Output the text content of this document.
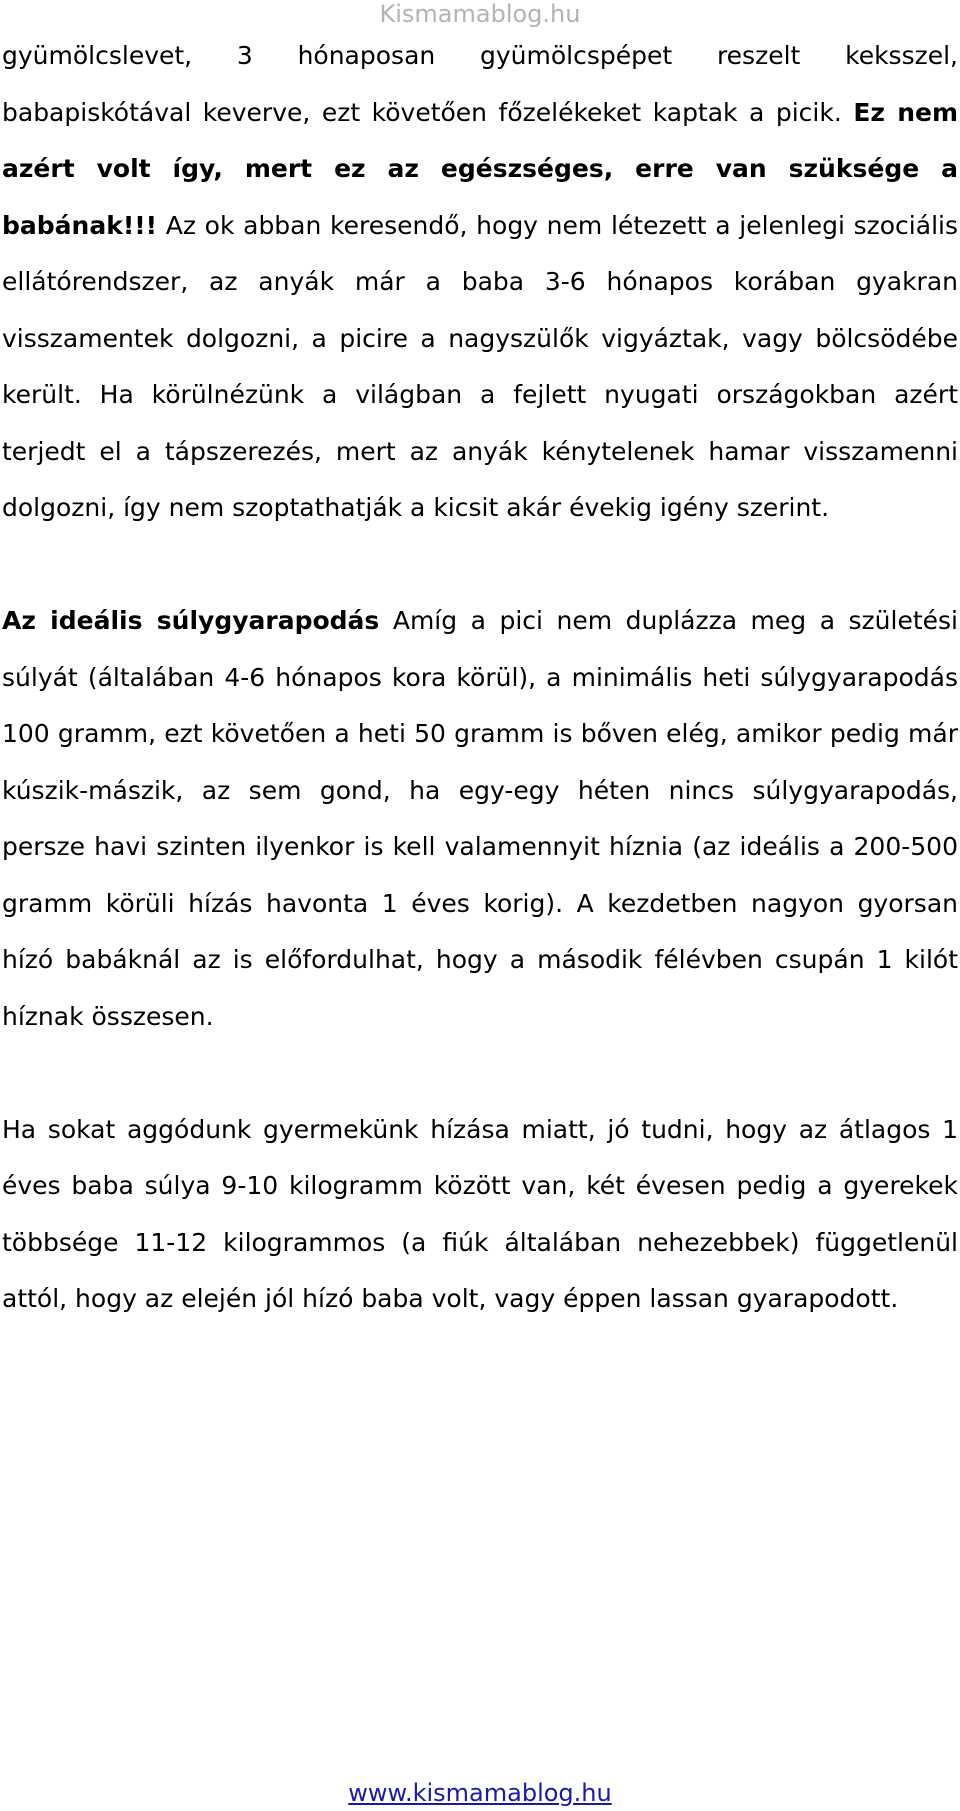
Kismamablog.hu

gyümölcslevet, 3 hónaposan gyümölcspépet reszelt keksszel, babapiskótával keverve, ezt követően főzelékeket kaptak a picik. Ez nem azért volt így, mert ez az egészséges, erre van szüksége a babának!!! Az ok abban keresendő, hogy nem létezett a jelenlegi szociális ellátórendszer, az anyák már a baba 3-6 hónapos korában gyakran visszamentek dolgozni, a picire a nagyszülők vigyáztak, vagy bölcsödébe került. Ha körülnézünk a világban a fejlett nyugati országokban azért terjedt el a tápszerezés, mert az anyák kénytelenek hamar visszamenni dolgozni, így nem szoptathatják a kicsit akár évekig igény szerint.

Az ideális súlygyarapodás Amíg a pici nem duplázza meg a születési súlyát (általában 4-6 hónapos kora körül), a minimális heti súlygyarapodás 100 gramm, ezt követően a heti 50 gramm is bőven elég, amikor pedig már kúszik-mászik, az sem gond, ha egy-egy héten nincs súlygyarapodás, persze havi szinten ilyenkor is kell valamennyit híznia (az ideális a 200-500 gramm körüli hízás havonta 1 éves korig). A kezdetben nagyon gyorsan hízó babáknál az is előfordulhat, hogy a második félévben csupán 1 kilót híznak összesen.

Ha sokat aggódunk gyermekünk hízása miatt, jó tudni, hogy az átlagos 1 éves baba súlya 9-10 kilogramm között van, két évesen pedig a gyerekek többsége 11-12 kilogrammos (a fiúk általában nehezebbek) függetlenül attól, hogy az elején jól hízó baba volt, vagy éppen lassan gyarapodott.

www.kismamablog.hu
